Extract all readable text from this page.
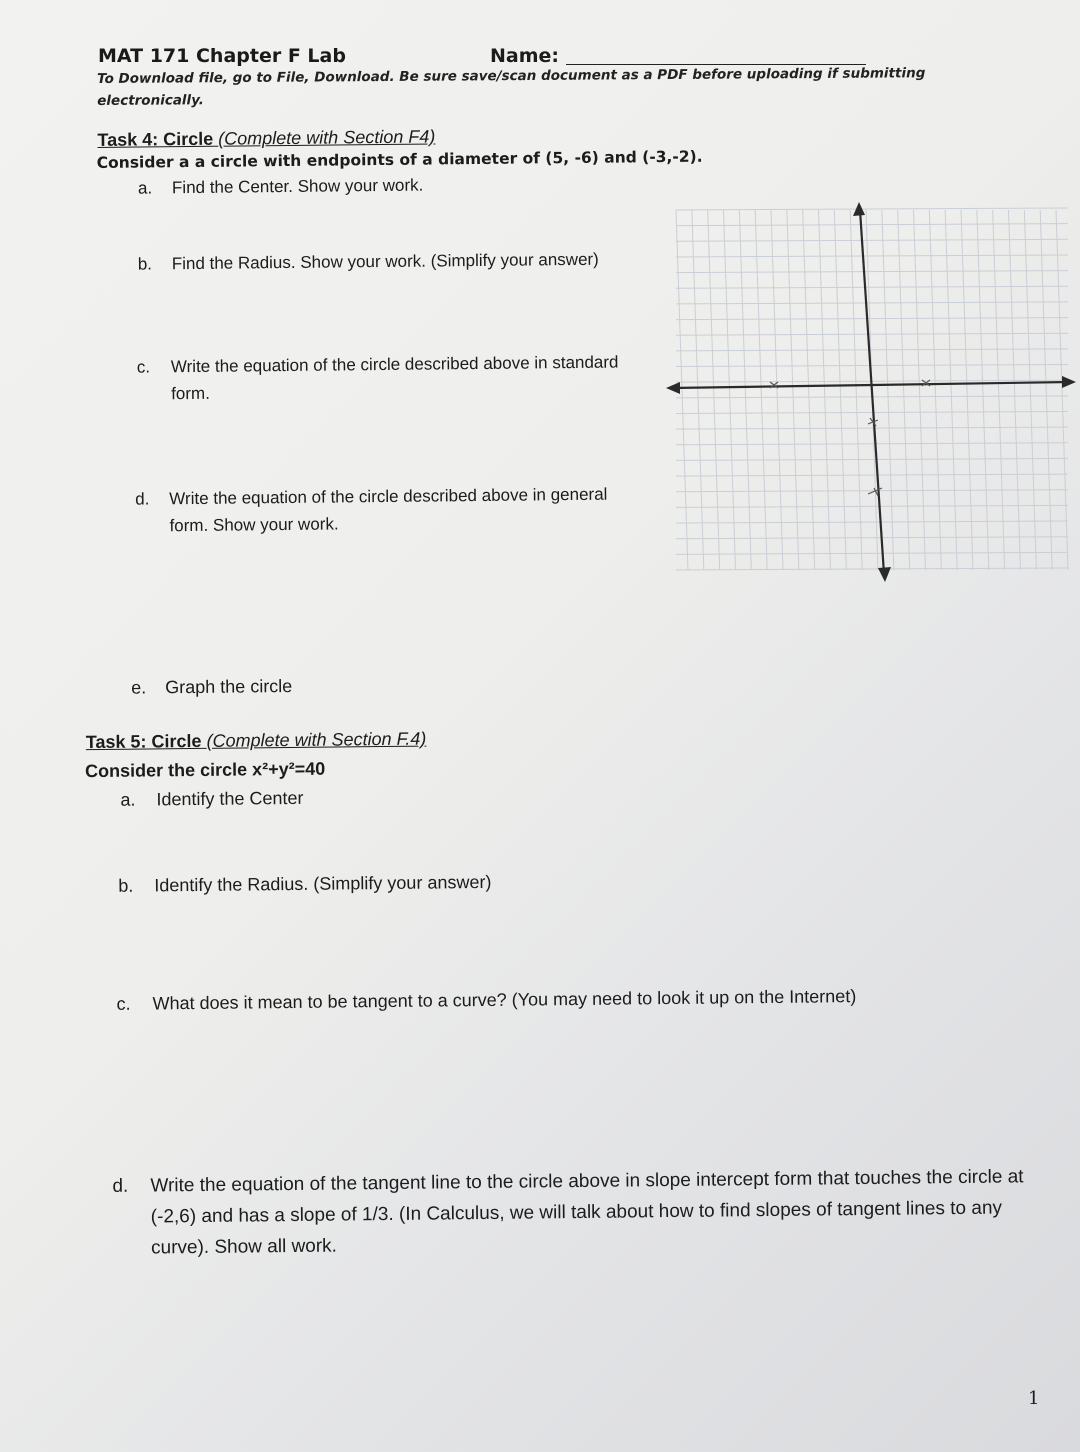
MAT 171 Chapter F Lab	Name:
To Download file, go to File, Download. Be sure save/scan document as a PDF before uploading if submitting electronically.
Task 4: Circle (Complete with Section F4)
Consider a a circle with endpoints of a diameter of (5, -6) and (-3,-2).
a. Find the Center. Show your work.
b. Find the Radius. Show your work. (Simplify your answer)
c. Write the equation of the circle described above in standard form.
d. Write the equation of the circle described above in general form. Show your work.
e. Graph the circle
Task 5: Circle (Complete with Section F.4)
Consider the circle x²+y²=40
a. Identify the Center
b. Identify the Radius. (Simplify your answer)
c. What does it mean to be tangent to a curve? (You may need to look it up on the Internet)
d. Write the equation of the tangent line to the circle above in slope intercept form that touches the circle at (-2,6) and has a slope of 1/3. (In Calculus, we will talk about how to find slopes of tangent lines to any curve). Show all work.
1
